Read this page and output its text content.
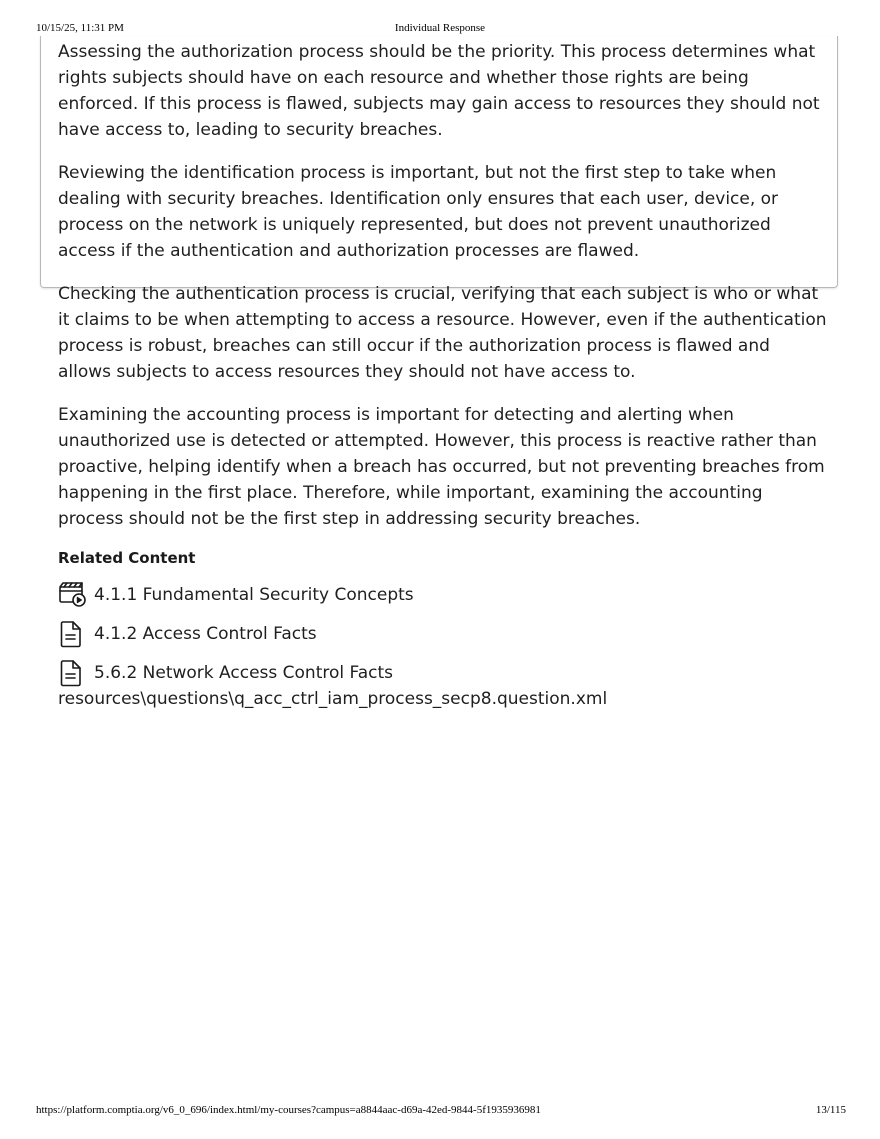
10/15/25, 11:31 PM	Individual Response

Assessing the authorization process should be the priority. This process determines what rights subjects should have on each resource and whether those rights are being enforced. If this process is flawed, subjects may gain access to resources they should not have access to, leading to security breaches.

Reviewing the identification process is important, but not the first step to take when dealing with security breaches. Identification only ensures that each user, device, or process on the network is uniquely represented, but does not prevent unauthorized access if the authentication and authorization processes are flawed.

Checking the authentication process is crucial, verifying that each subject is who or what it claims to be when attempting to access a resource. However, even if the authentication process is robust, breaches can still occur if the authorization process is flawed and allows subjects to access resources they should not have access to.

Examining the accounting process is important for detecting and alerting when unauthorized use is detected or attempted. However, this process is reactive rather than proactive, helping identify when a breach has occurred, but not preventing breaches from happening in the first place. Therefore, while important, examining the accounting process should not be the first step in addressing security breaches.

Related Content
4.1.1 Fundamental Security Concepts
4.1.2 Access Control Facts
5.6.2 Network Access Control Facts
resources\questions\q_acc_ctrl_iam_process_secp8.question.xml
https://platform.comptia.org/v6_0_696/index.html/my-courses?campus=a8844aac-d69a-42ed-9844-5f1935936981	13/115
